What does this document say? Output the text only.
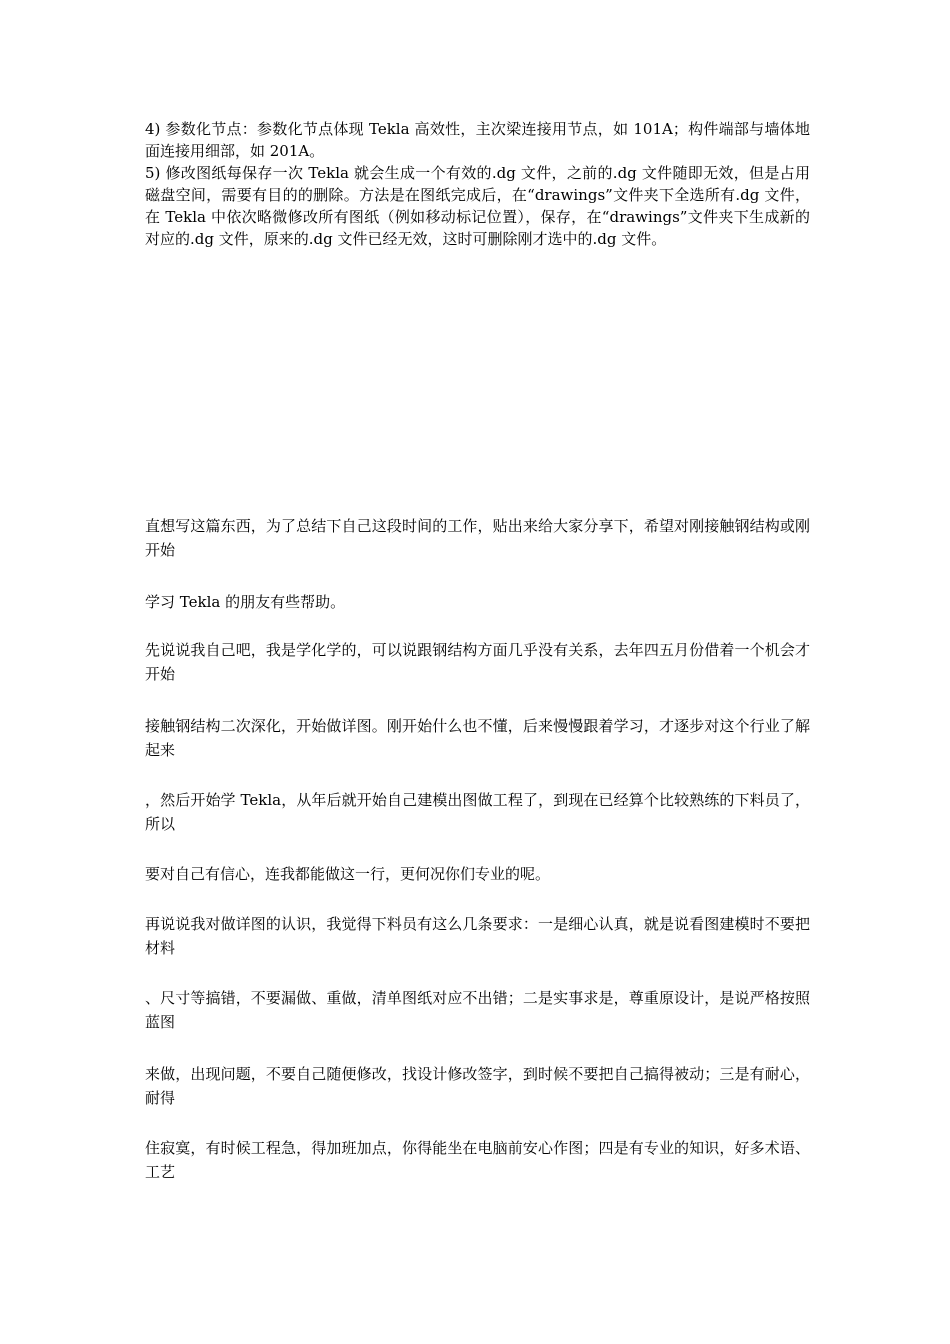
4) 参数化节点：参数化节点体现 Tekla 高效性，主次梁连接用节点，如 101A；构件端部与墙体地面连接用细部，如 201A。

5) 修改图纸每保存一次 Tekla 就会生成一个有效的.dg 文件，之前的.dg 文件随即无效，但是占用磁盘空间，需要有目的的删除。方法是在图纸完成后，在“drawings”文件夹下全选所有.dg 文件，在 Tekla 中依次略微修改所有图纸（例如移动标记位置），保存，在“drawings”文件夹下生成新的对应的.dg 文件，原来的.dg 文件已经无效，这时可删除刚才选中的.dg 文件。

直想写这篇东西，为了总结下自己这段时间的工作，贴出来给大家分享下，希望对刚接触钢结构或刚开始

学习 Tekla 的朋友有些帮助。

先说说我自己吧，我是学化学的，可以说跟钢结构方面几乎没有关系，去年四五月份借着一个机会才开始

接触钢结构二次深化，开始做详图。刚开始什么也不懂，后来慢慢跟着学习，才逐步对这个行业了解起来

，然后开始学 Tekla，从年后就开始自己建模出图做工程了，到现在已经算个比较熟练的下料员了，所以

要对自己有信心，连我都能做这一行，更何况你们专业的呢。

再说说我对做详图的认识，我觉得下料员有这么几条要求：一是细心认真，就是说看图建模时不要把材料

、尺寸等搞错，不要漏做、重做，清单图纸对应不出错；二是实事求是，尊重原设计，是说严格按照蓝图

来做，出现问题，不要自己随便修改，找设计修改签字，到时候不要把自己搞得被动；三是有耐心，耐得

住寂寞，有时候工程急，得加班加点，你得能坐在电脑前安心作图；四是有专业的知识，好多术语、工艺
